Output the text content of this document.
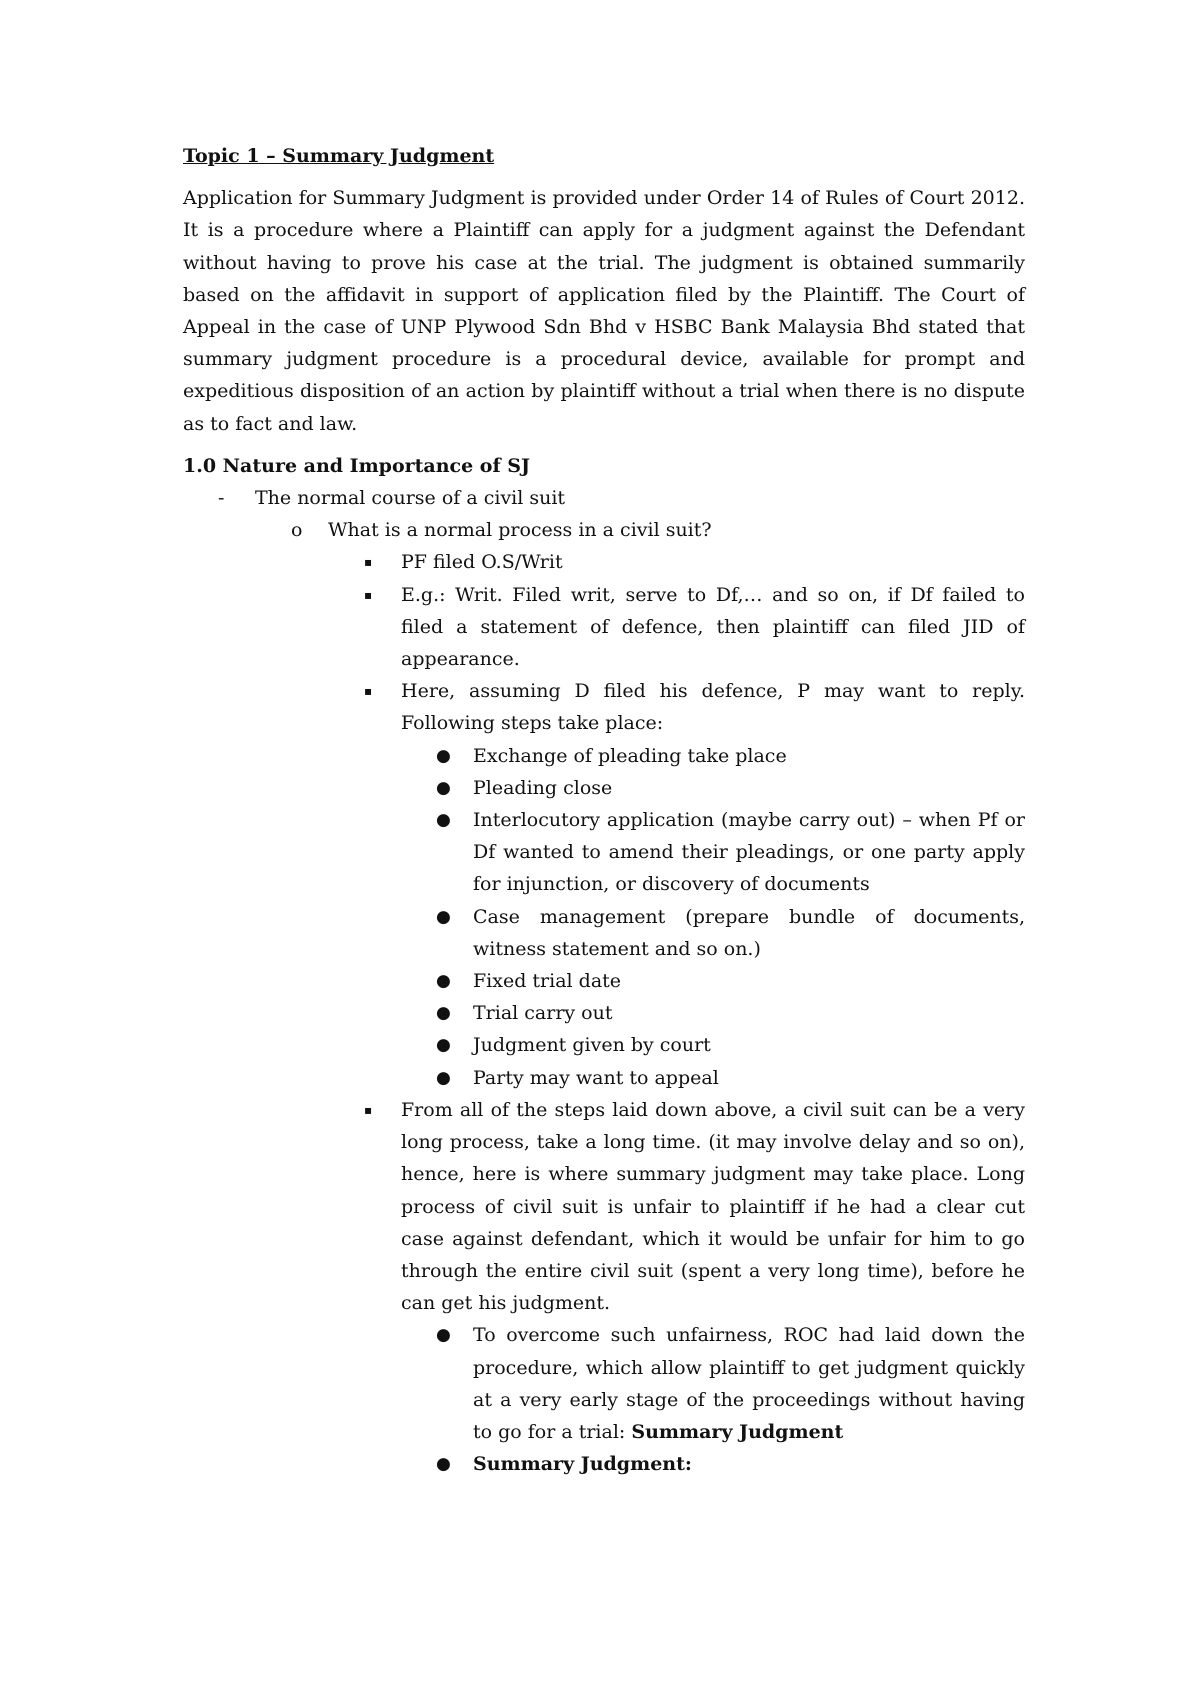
Topic 1 – Summary Judgment

Application for Summary Judgment is provided under Order 14 of Rules of Court 2012. It is a procedure where a Plaintiff can apply for a judgment against the Defendant without having to prove his case at the trial. The judgment is obtained summarily based on the affidavit in support of application filed by the Plaintiff. The Court of Appeal in the case of UNP Plywood Sdn Bhd v HSBC Bank Malaysia Bhd stated that summary judgment procedure is a procedural device, available for prompt and expeditious disposition of an action by plaintiff without a trial when there is no dispute as to fact and law.

1.0 Nature and Importance of SJ

- The normal course of a civil suit
o What is a normal process in a civil suit?
▪ PF filed O.S/Writ
▪ E.g.: Writ. Filed writ, serve to Df,… and so on, if Df failed to filed a statement of defence, then plaintiff can filed JID of appearance.
▪ Here, assuming D filed his defence, P may want to reply. Following steps take place:
● Exchange of pleading take place
● Pleading close
● Interlocutory application (maybe carry out) – when Pf or Df wanted to amend their pleadings, or one party apply for injunction, or discovery of documents
● Case management (prepare bundle of documents, witness statement and so on.)
● Fixed trial date
● Trial carry out
● Judgment given by court
● Party may want to appeal
▪ From all of the steps laid down above, a civil suit can be a very long process, take a long time. (it may involve delay and so on), hence, here is where summary judgment may take place. Long process of civil suit is unfair to plaintiff if he had a clear cut case against defendant, which it would be unfair for him to go through the entire civil suit (spent a very long time), before he can get his judgment.
● To overcome such unfairness, ROC had laid down the procedure, which allow plaintiff to get judgment quickly at a very early stage of the proceedings without having to go for a trial: Summary Judgment
● Summary Judgment:
